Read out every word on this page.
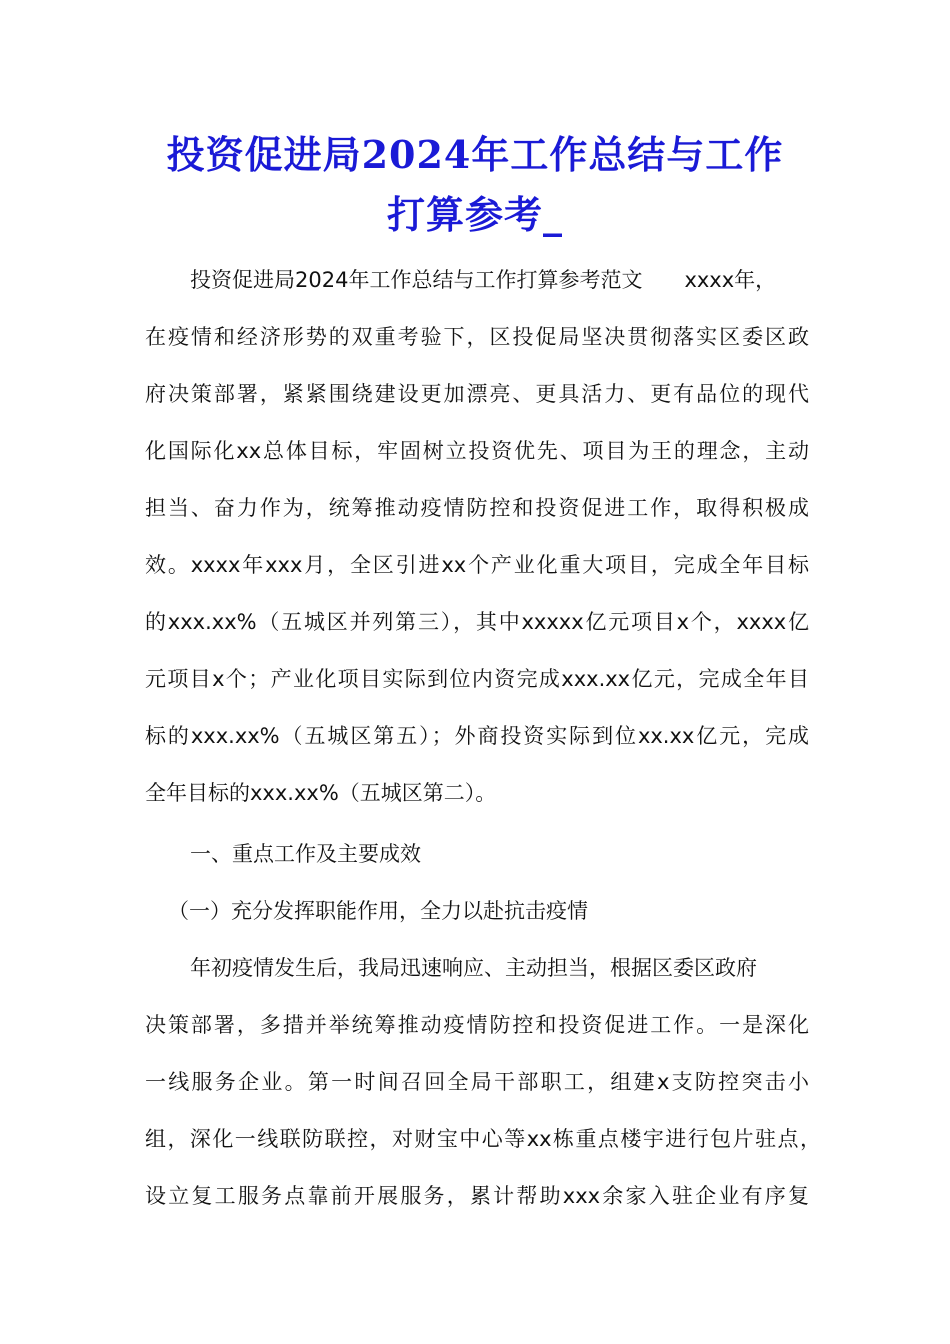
投资促进局2024年工作总结与工作
打算参考_

投资促进局2024年工作总结与工作打算参考范文　　xxxx年，

在疫情和经济形势的双重考验下，区投促局坚决贯彻落实区委区政

府决策部署，紧紧围绕建设更加漂亮、更具活力、更有品位的现代

化国际化xx总体目标，牢固树立投资优先、项目为王的理念，主动

担当、奋力作为，统筹推动疫情防控和投资促进工作，取得积极成

效。xxxx年xxx月，全区引进xx个产业化重大项目，完成全年目标

的xxx.xx%（五城区并列第三），其中xxxxx亿元项目x个，xxxx亿

元项目x个；产业化项目实际到位内资完成xxx.xx亿元，完成全年目

标的xxx.xx%（五城区第五）；外商投资实际到位xx.xx亿元，完成

全年目标的xxx.xx%（五城区第二）。

一、重点工作及主要成效

（一）充分发挥职能作用，全力以赴抗击疫情

年初疫情发生后，我局迅速响应、主动担当，根据区委区政府

决策部署，多措并举统筹推动疫情防控和投资促进工作。一是深化

一线服务企业。第一时间召回全局干部职工，组建x支防控突击小

组，深化一线联防联控，对财宝中心等xx栋重点楼宇进行包片驻点，

设立复工服务点靠前开展服务，累计帮助xxx余家入驻企业有序复
